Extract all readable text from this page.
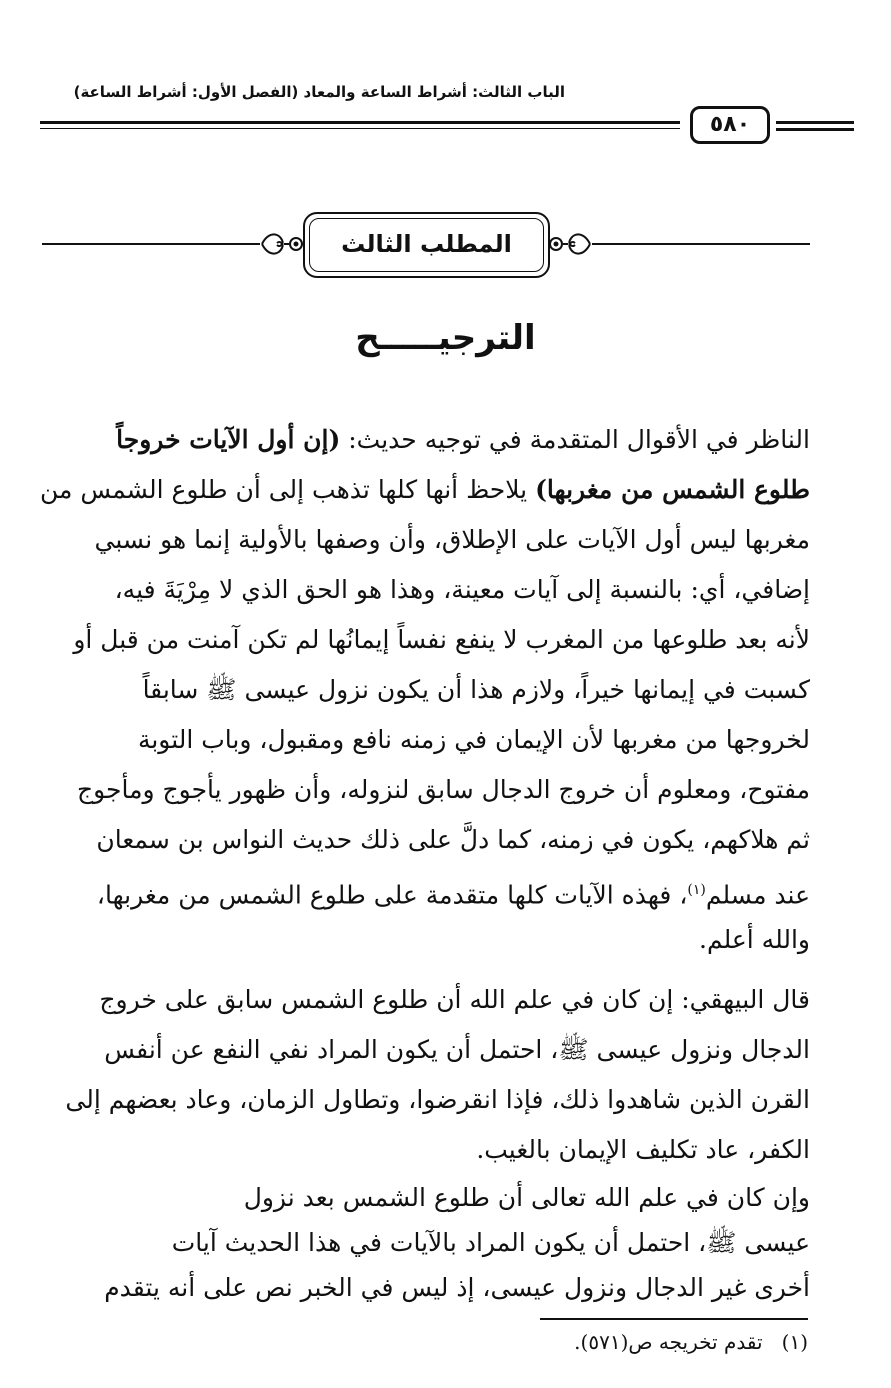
الباب الثالث: أشراط الساعة والمعاد (الفصل الأول: أشراط الساعة)
٥٨٠
المطلب الثالث
الترجيـــــح
الناظر في الأقوال المتقدمة في توجيه حديث: (إن أول الآيات خروجاً
طلوع الشمس من مغربها) يلاحظ أنها كلها تذهب إلى أن طلوع الشمس من
مغربها ليس أول الآيات على الإطلاق، وأن وصفها بالأولية إنما هو نسبي
إضافي، أي: بالنسبة إلى آيات معينة، وهذا هو الحق الذي لا مِرْيَةَ فيه،
لأنه بعد طلوعها من المغرب لا ينفع نفساً إيمانُها لم تكن آمنت من قبل أو
كسبت في إيمانها خيراً، ولازم هذا أن يكون نزول عيسى ﷺ سابقاً
لخروجها من مغربها لأن الإيمان في زمنه نافع ومقبول، وباب التوبة
مفتوح، ومعلوم أن خروج الدجال سابق لنزوله، وأن ظهور يأجوج ومأجوج
ثم هلاكهم، يكون في زمنه، كما دلَّ على ذلك حديث النواس بن سمعان
عند مسلم$^{(١)}$، فهذه الآيات كلها متقدمة على طلوع الشمس من مغربها،
والله أعلم.
قال البيهقي: إن كان في علم الله أن طلوع الشمس سابق على خروج
الدجال ونزول عيسى ﷺ، احتمل أن يكون المراد نفي النفع عن أنفس
القرن الذين شاهدوا ذلك، فإذا انقرضوا، وتطاول الزمان، وعاد بعضهم إلى
الكفر، عاد تكليف الإيمان بالغيب.
وإن كان في علم الله تعالى أن طلوع الشمس بعد نزول
عيسى ﷺ، احتمل أن يكون المراد بالآيات في هذا الحديث آيات
أخرى غير الدجال ونزول عيسى، إذ ليس في الخبر نص على أنه يتقدم
(١)   تقدم تخريجه ص(٥٧١).
